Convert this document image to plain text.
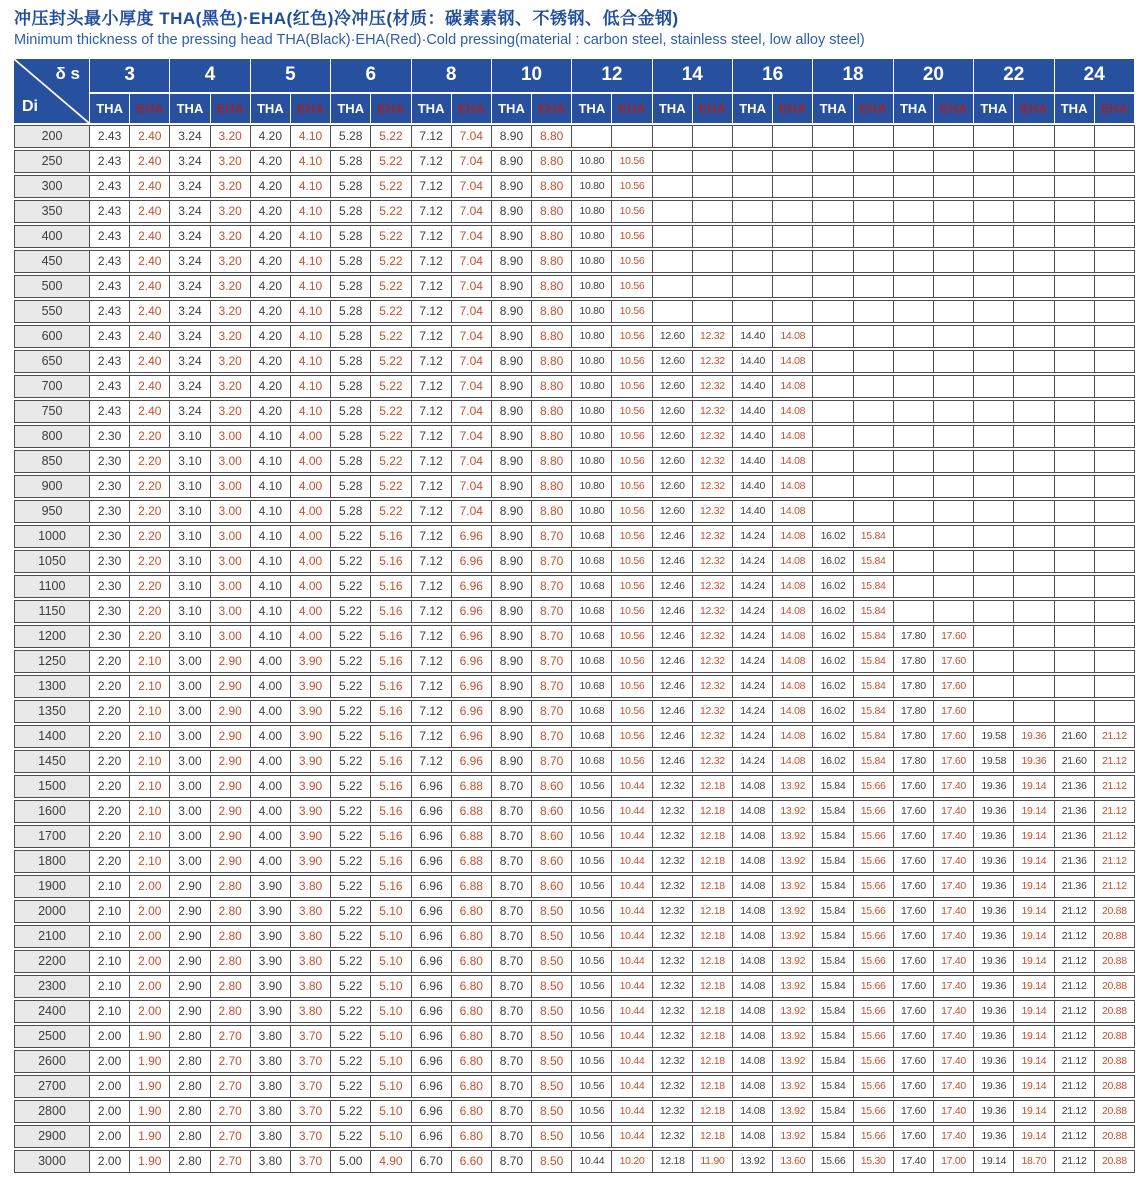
冲压封头最小厚度 THA(黑色)·EHA(红色)冷冲压(材质：碳素素钢、不锈钢、低合金钢)
Minimum thickness of the pressing head THA(Black)·EHA(Red)·Cold pressing(material : carbon steel, stainless steel, low alloy steel)
δ s
Di	3		4		5		6		8		10		12		14		16		18		20		22		24	
	THA	EHA	THA	EHA	THA	EHA	THA	EHA	THA	EHA	THA	EHA	THA	EHA	THA	EHA	THA	EHA	THA	EHA	THA	EHA	THA	EHA	THA	EHA
200	2.43	2.40	3.24	3.20	4.20	4.10	5.28	5.22	7.12	7.04	8.90	8.80														
250	2.43	2.40	3.24	3.20	4.20	4.10	5.28	5.22	7.12	7.04	8.90	8.80	10.80	10.56												
300	2.43	2.40	3.24	3.20	4.20	4.10	5.28	5.22	7.12	7.04	8.90	8.80	10.80	10.56												
350	2.43	2.40	3.24	3.20	4.20	4.10	5.28	5.22	7.12	7.04	8.90	8.80	10.80	10.56												
400	2.43	2.40	3.24	3.20	4.20	4.10	5.28	5.22	7.12	7.04	8.90	8.80	10.80	10.56												
450	2.43	2.40	3.24	3.20	4.20	4.10	5.28	5.22	7.12	7.04	8.90	8.80	10.80	10.56												
500	2.43	2.40	3.24	3.20	4.20	4.10	5.28	5.22	7.12	7.04	8.90	8.80	10.80	10.56												
550	2.43	2.40	3.24	3.20	4.20	4.10	5.28	5.22	7.12	7.04	8.90	8.80	10.80	10.56												
600	2.43	2.40	3.24	3.20	4.20	4.10	5.28	5.22	7.12	7.04	8.90	8.80	10.80	10.56	12.60	12.32	14.40	14.08								
650	2.43	2.40	3.24	3.20	4.20	4.10	5.28	5.22	7.12	7.04	8.90	8.80	10.80	10.56	12.60	12.32	14.40	14.08								
700	2.43	2.40	3.24	3.20	4.20	4.10	5.28	5.22	7.12	7.04	8.90	8.80	10.80	10.56	12.60	12.32	14.40	14.08								
750	2.43	2.40	3.24	3.20	4.20	4.10	5.28	5.22	7.12	7.04	8.90	8.80	10.80	10.56	12.60	12.32	14.40	14.08								
800	2.30	2.20	3.10	3.00	4.10	4.00	5.28	5.22	7.12	7.04	8.90	8.80	10.80	10.56	12.60	12.32	14.40	14.08								
850	2.30	2.20	3.10	3.00	4.10	4.00	5.28	5.22	7.12	7.04	8.90	8.80	10.80	10.56	12.60	12.32	14.40	14.08								
900	2.30	2.20	3.10	3.00	4.10	4.00	5.28	5.22	7.12	7.04	8.90	8.80	10.80	10.56	12.60	12.32	14.40	14.08								
950	2.30	2.20	3.10	3.00	4.10	4.00	5.28	5.22	7.12	7.04	8.90	8.80	10.80	10.56	12.60	12.32	14.40	14.08								
1000	2.30	2.20	3.10	3.00	4.10	4.00	5.22	5.16	7.12	6.96	8.90	8.70	10.68	10.56	12.46	12.32	14.24	14.08	16.02	15.84						
1050	2.30	2.20	3.10	3.00	4.10	4.00	5.22	5.16	7.12	6.96	8.90	8.70	10.68	10.56	12.46	12.32	14.24	14.08	16.02	15.84						
1100	2.30	2.20	3.10	3.00	4.10	4.00	5.22	5.16	7.12	6.96	8.90	8.70	10.68	10.56	12.46	12.32	14.24	14.08	16.02	15.84						
1150	2.30	2.20	3.10	3.00	4.10	4.00	5.22	5.16	7.12	6.96	8.90	8.70	10.68	10.56	12.46	12.32	14.24	14.08	16.02	15.84						
1200	2.30	2.20	3.10	3.00	4.10	4.00	5.22	5.16	7.12	6.96	8.90	8.70	10.68	10.56	12.46	12.32	14.24	14.08	16.02	15.84	17.80	17.60				
1250	2.20	2.10	3.00	2.90	4.00	3.90	5.22	5.16	7.12	6.96	8.90	8.70	10.68	10.56	12.46	12.32	14.24	14.08	16.02	15.84	17.80	17.60				
1300	2.20	2.10	3.00	2.90	4.00	3.90	5.22	5.16	7.12	6.96	8.90	8.70	10.68	10.56	12.46	12.32	14.24	14.08	16.02	15.84	17.80	17.60				
1350	2.20	2.10	3.00	2.90	4.00	3.90	5.22	5.16	7.12	6.96	8.90	8.70	10.68	10.56	12.46	12.32	14.24	14.08	16.02	15.84	17.80	17.60				
1400	2.20	2.10	3.00	2.90	4.00	3.90	5.22	5.16	7.12	6.96	8.90	8.70	10.68	10.56	12.46	12.32	14.24	14.08	16.02	15.84	17.80	17.60	19.58	19.36	21.60	21.12
1450	2.20	2.10	3.00	2.90	4.00	3.90	5.22	5.16	7.12	6.96	8.90	8.70	10.68	10.56	12.46	12.32	14.24	14.08	16.02	15.84	17.80	17.60	19.58	19.36	21.60	21.12
1500	2.20	2.10	3.00	2.90	4.00	3.90	5.22	5.16	6.96	6.88	8.70	8.60	10.56	10.44	12.32	12.18	14.08	13.92	15.84	15.66	17.60	17.40	19.36	19.14	21.36	21.12
1600	2.20	2.10	3.00	2.90	4.00	3.90	5.22	5.16	6.96	6.88	8.70	8.60	10.56	10.44	12.32	12.18	14.08	13.92	15.84	15.66	17.60	17.40	19.36	19.14	21.36	21.12
1700	2.20	2.10	3.00	2.90	4.00	3.90	5.22	5.16	6.96	6.88	8.70	8.60	10.56	10.44	12.32	12.18	14.08	13.92	15.84	15.66	17.60	17.40	19.36	19.14	21.36	21.12
1800	2.20	2.10	3.00	2.90	4.00	3.90	5.22	5.16	6.96	6.88	8.70	8.60	10.56	10.44	12.32	12.18	14.08	13.92	15.84	15.66	17.60	17.40	19.36	19.14	21.36	21.12
1900	2.10	2.00	2.90	2.80	3.90	3.80	5.22	5.16	6.96	6.88	8.70	8.60	10.56	10.44	12.32	12.18	14.08	13.92	15.84	15.66	17.60	17.40	19.36	19.14	21.36	21.12
2000	2.10	2.00	2.90	2.80	3.90	3.80	5.22	5.10	6.96	6.80	8.70	8.50	10.56	10.44	12.32	12.18	14.08	13.92	15.84	15.66	17.60	17.40	19.36	19.14	21.12	20.88
2100	2.10	2.00	2.90	2.80	3.90	3.80	5.22	5.10	6.96	6.80	8.70	8.50	10.56	10.44	12.32	12.18	14.08	13.92	15.84	15.66	17.60	17.40	19.36	19.14	21.12	20.88
2200	2.10	2.00	2.90	2.80	3.90	3.80	5.22	5.10	6.96	6.80	8.70	8.50	10.56	10.44	12.32	12.18	14.08	13.92	15.84	15.66	17.60	17.40	19.36	19.14	21.12	20.88
2300	2.10	2.00	2.90	2.80	3.90	3.80	5.22	5.10	6.96	6.80	8.70	8.50	10.56	10.44	12.32	12.18	14.08	13.92	15.84	15.66	17.60	17.40	19.36	19.14	21.12	20.88
2400	2.10	2.00	2.90	2.80	3.90	3.80	5.22	5.10	6.96	6.80	8.70	8.50	10.56	10.44	12.32	12.18	14.08	13.92	15.84	15.66	17.60	17.40	19.36	19.14	21.12	20.88
2500	2.00	1.90	2.80	2.70	3.80	3.70	5.22	5.10	6.96	6.80	8.70	8.50	10.56	10.44	12.32	12.18	14.08	13.92	15.84	15.66	17.60	17.40	19.36	19.14	21.12	20.88
2600	2.00	1.90	2.80	2.70	3.80	3.70	5.22	5.10	6.96	6.80	8.70	8.50	10.56	10.44	12.32	12.18	14.08	13.92	15.84	15.66	17.60	17.40	19.36	19.14	21.12	20.88
2700	2.00	1.90	2.80	2.70	3.80	3.70	5.22	5.10	6.96	6.80	8.70	8.50	10.56	10.44	12.32	12.18	14.08	13.92	15.84	15.66	17.60	17.40	19.36	19.14	21.12	20.88
2800	2.00	1.90	2.80	2.70	3.80	3.70	5.22	5.10	6.96	6.80	8.70	8.50	10.56	10.44	12.32	12.18	14.08	13.92	15.84	15.66	17.60	17.40	19.36	19.14	21.12	20.88
2900	2.00	1.90	2.80	2.70	3.80	3.70	5.22	5.10	6.96	6.80	8.70	8.50	10.56	10.44	12.32	12.18	14.08	13.92	15.84	15.66	17.60	17.40	19.36	19.14	21.12	20.88
3000	2.00	1.90	2.80	2.70	3.80	3.70	5.00	4.90	6.70	6.60	8.70	8.50	10.44	10.20	12.18	11.90	13.92	13.60	15.66	15.30	17.40	17.00	19.14	18.70	21.12	20.88
